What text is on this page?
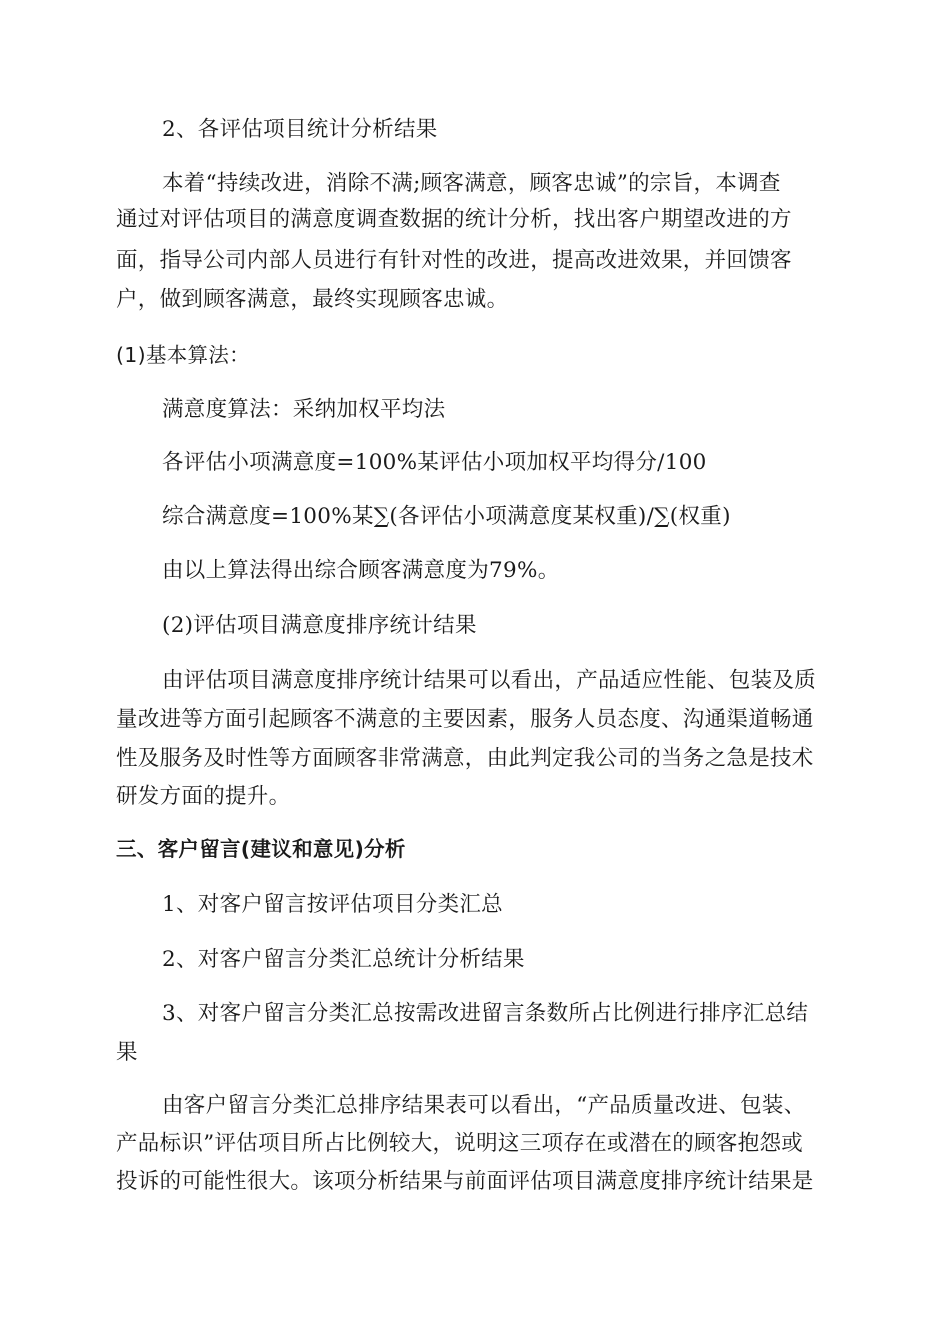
2、各评估项目统计分析结果
本着“持续改进，消除不满;顾客满意，顾客忠诚”的宗旨，本调查
通过对评估项目的满意度调查数据的统计分析，找出客户期望改进的方
面，指导公司内部人员进行有针对性的改进，提高改进效果，并回馈客
户，做到顾客满意，最终实现顾客忠诚。
(1)基本算法：
满意度算法：采纳加权平均法
各评估小项满意度=100%某评估小项加权平均得分/100
综合满意度=100%某∑(各评估小项满意度某权重)/∑(权重)
由以上算法得出综合顾客满意度为79%。
(2)评估项目满意度排序统计结果
由评估项目满意度排序统计结果可以看出，产品适应性能、包装及质
量改进等方面引起顾客不满意的主要因素，服务人员态度、沟通渠道畅通
性及服务及时性等方面顾客非常满意，由此判定我公司的当务之急是技术
研发方面的提升。
三、客户留言(建议和意见)分析
1、对客户留言按评估项目分类汇总
2、对客户留言分类汇总统计分析结果
3、对客户留言分类汇总按需改进留言条数所占比例进行排序汇总结
果
由客户留言分类汇总排序结果表可以看出，“产品质量改进、包装、
产品标识”评估项目所占比例较大，说明这三项存在或潜在的顾客抱怨或
投诉的可能性很大。该项分析结果与前面评估项目满意度排序统计结果是
